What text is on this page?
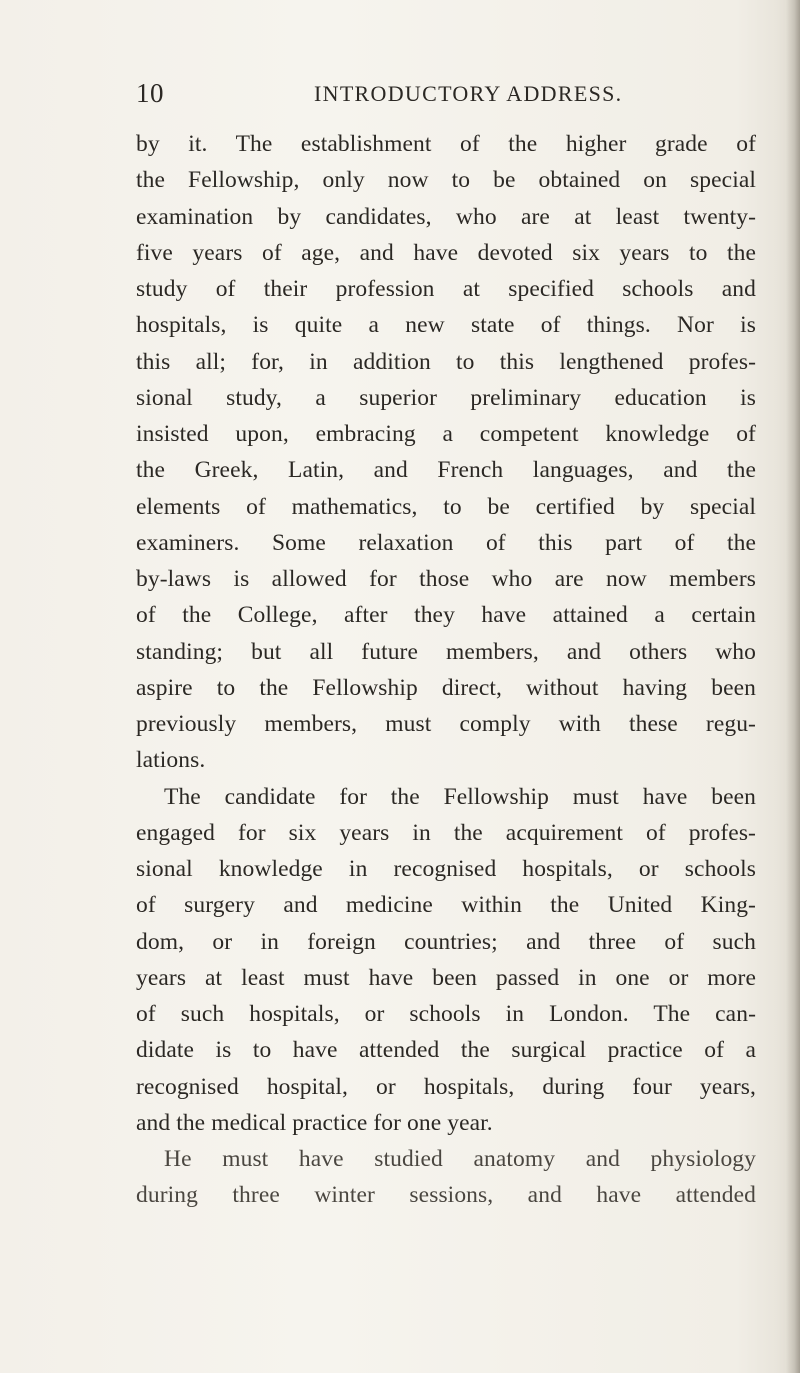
10	INTRODUCTORY ADDRESS.
by it. The establishment of the higher grade of
the Fellowship, only now to be obtained on special
examination by candidates, who are at least twenty-
five years of age, and have devoted six years to the
study of their profession at specified schools and
hospitals, is quite a new state of things. Nor is
this all; for, in addition to this lengthened profes-
sional study, a superior preliminary education is
insisted upon, embracing a competent knowledge of
the Greek, Latin, and French languages, and the
elements of mathematics, to be certified by special
examiners. Some relaxation of this part of the
by-laws is allowed for those who are now members
of the College, after they have attained a certain
standing; but all future members, and others who
aspire to the Fellowship direct, without having been
previously members, must comply with these regu-
lations.
The candidate for the Fellowship must have been
engaged for six years in the acquirement of profes-
sional knowledge in recognised hospitals, or schools
of surgery and medicine within the United King-
dom, or in foreign countries; and three of such
years at least must have been passed in one or more
of such hospitals, or schools in London. The can-
didate is to have attended the surgical practice of a
recognised hospital, or hospitals, during four years,
and the medical practice for one year.
He must have studied anatomy and physiology
during three winter sessions, and have attended
